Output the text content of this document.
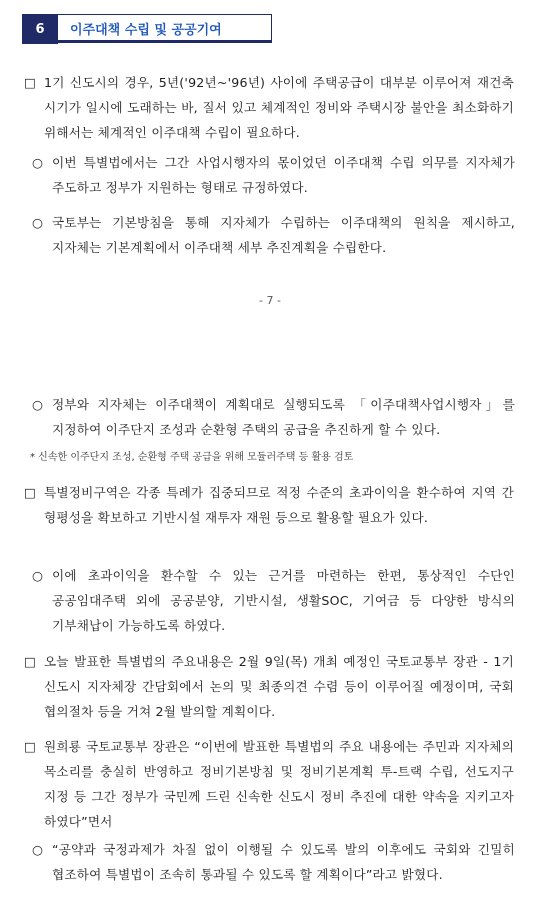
6	이주대책 수립 및 공공기여
□ 1기 신도시의 경우, 5년('92년~'96년) 사이에 주택공급이 대부분 이루어져 재건축 시기가 일시에 도래하는 바, 질서 있고 체계적인 정비와 주택시장 불안을 최소화하기 위해서는 체계적인 이주대책 수립이 필요하다.
○ 이번 특별법에서는 그간 사업시행자의 몫이었던 이주대책 수립 의무를 지자체가 주도하고 정부가 지원하는 형태로 규정하였다.
○ 국토부는 기본방침을 통해 지자체가 수립하는 이주대책의 원칙을 제시하고, 지자체는 기본계획에서 이주대책 세부 추진계획을 수립한다.
- 7 -
○ 정부와 지자체는 이주대책이 계획대로 실행되도록 「이주대책사업시행자」를 지정하여 이주단지 조성과 순환형 주택의 공급을 추진하게 할 수 있다.
* 신속한 이주단지 조성, 순환형 주택 공급을 위해 모듈러주택 등 활용 검토
□ 특별정비구역은 각종 특례가 집중되므로 적정 수준의 초과이익을 환수하여 지역 간 형평성을 확보하고 기반시설 재투자 재원 등으로 활용할 필요가 있다.
○ 이에 초과이익을 환수할 수 있는 근거를 마련하는 한편, 통상적인 수단인 공공임대주택 외에 공공분양, 기반시설, 생활SOC, 기여금 등 다양한 방식의 기부채납이 가능하도록 하였다.
□ 오늘 발표한 특별법의 주요내용은 2월 9일(목) 개최 예정인 국토교통부 장관 - 1기 신도시 지자체장 간담회에서 논의 및 최종의견 수렴 등이 이루어질 예정이며, 국회 협의절차 등을 거쳐 2월 발의할 계획이다.
□ 원희룡 국토교통부 장관은 “이번에 발표한 특별법의 주요 내용에는 주민과 지자체의 목소리를 충실히 반영하고 정비기본방침 및 정비기본계획 투-트랙 수립, 선도지구 지정 등 그간 정부가 국민께 드린 신속한 신도시 정비 추진에 대한 약속을 지키고자 하였다”면서
○ “공약과 국정과제가 차질 없이 이행될 수 있도록 발의 이후에도 국회와 긴밀히 협조하여 특별법이 조속히 통과될 수 있도록 할 계획이다”라고 밝혔다.
